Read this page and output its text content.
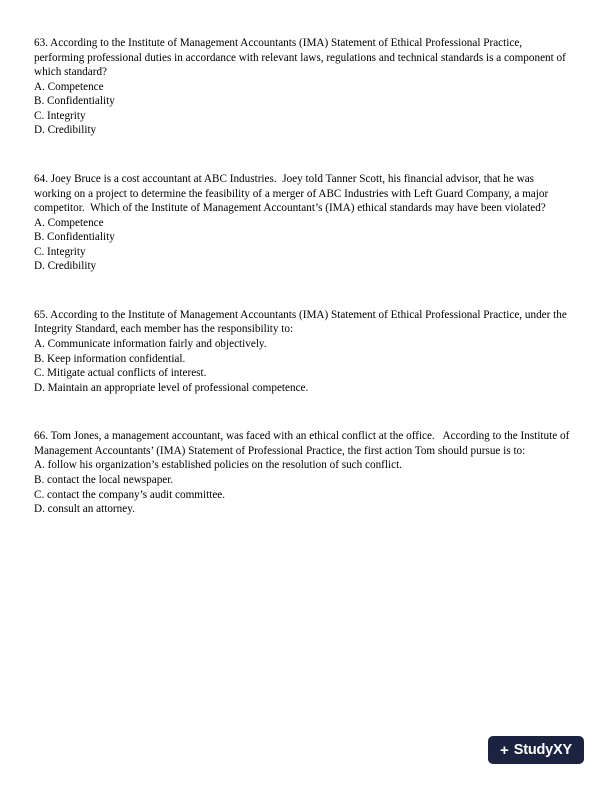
63. According to the Institute of Management Accountants (IMA) Statement of Ethical Professional Practice, performing professional duties in accordance with relevant laws, regulations and technical standards is a component of which standard?

A. Competence

B. Confidentiality

C. Integrity

D. Credibility

64. Joey Bruce is a cost accountant at ABC Industries.  Joey told Tanner Scott, his financial advisor, that he was working on a project to determine the feasibility of a merger of ABC Industries with Left Guard Company, a major competitor.  Which of the Institute of Management Accountant’s (IMA) ethical standards may have been violated?

A. Competence

B. Confidentiality

C. Integrity

D. Credibility

65. According to the Institute of Management Accountants (IMA) Statement of Ethical Professional Practice, under the Integrity Standard, each member has the responsibility to:

A. Communicate information fairly and objectively.

B. Keep information confidential.

C. Mitigate actual conflicts of interest.

D. Maintain an appropriate level of professional competence.

66. Tom Jones, a management accountant, was faced with an ethical conflict at the office.   According to the Institute of Management Accountants’ (IMA) Statement of Professional Practice, the first action Tom should pursue is to:

A. follow his organization’s established policies on the resolution of such conflict.

B. contact the local newspaper.

C. contact the company’s audit committee.

D. consult an attorney.

+ StudyXY
